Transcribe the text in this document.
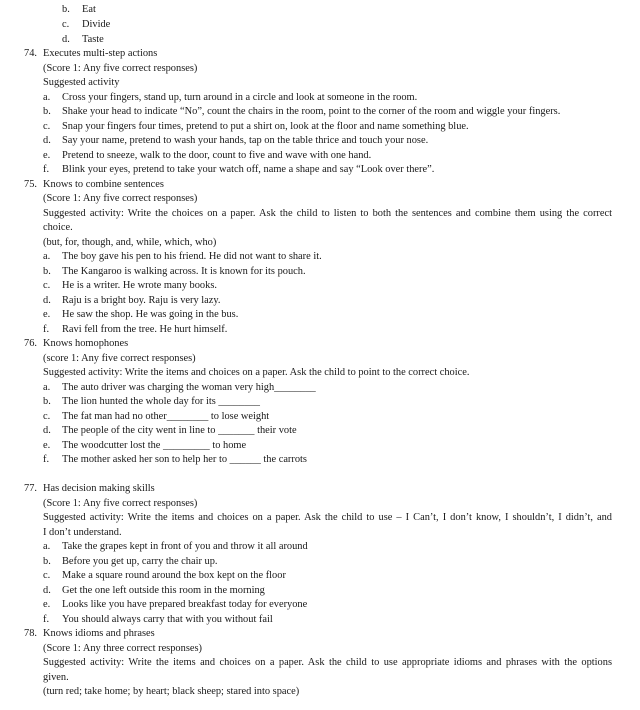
b. Eat
c. Divide
d. Taste
74. Executes multi-step actions
(Score 1: Any five correct responses)
Suggested activity
a. Cross your fingers, stand up, turn around in a circle and look at someone in the room.
b. Shake your head to indicate “No”, count the chairs in the room, point to the corner of the room and wiggle your fingers.
c. Snap your fingers four times, pretend to put a shirt on, look at the floor and name something blue.
d. Say your name, pretend to wash your hands, tap on the table thrice and touch your nose.
e. Pretend to sneeze, walk to the door, count to five and wave with one hand.
f. Blink your eyes, pretend to take your watch off, name a shape and say “Look over there”.
75. Knows to combine sentences
(Score 1: Any five correct responses)
Suggested activity: Write the choices on a paper. Ask the child to listen to both the sentences and combine them using the correct
choice.
(but, for, though, and, while, which, who)
a. The boy gave his pen to his friend. He did not want to share it.
b. The Kangaroo is walking across. It is known for its pouch.
c. He is a writer. He wrote many books.
d. Raju is a bright boy. Raju is very lazy.
e. He saw the shop. He was going in the bus.
f. Ravi fell from the tree. He hurt himself.
76. Knows homophones
(score 1: Any five correct responses)
Suggested activity: Write the items and choices on a paper. Ask the child to point to the correct choice.
a. The auto driver was charging the woman very high________
b. The lion hunted the whole day for its ________
c. The fat man had no other________ to lose weight
d. The people of the city went in line to _______ their vote
e. The woodcutter lost the _________ to home
f. The mother asked her son to help her to ______ the carrots
77. Has decision making skills
(Score 1: Any five correct responses)
Suggested activity: Write the items and choices on a paper. Ask the child to use – I Can’t, I don’t know, I shouldn’t, I didn’t, and
I don’t understand.
a. Take the grapes kept in front of you and throw it all around
b. Before you get up, carry the chair up.
c. Make a square round around the box kept on the floor
d. Get the one left outside this room in the morning
e. Looks like you have prepared breakfast today for everyone
f. You should always carry that with you without fail
78. Knows idioms and phrases
(Score 1: Any three correct responses)
Suggested activity: Write the items and choices on a paper. Ask the child to use appropriate idioms and phrases with the options
given.
(turn red; take home; by heart; black sheep; stared into space)
